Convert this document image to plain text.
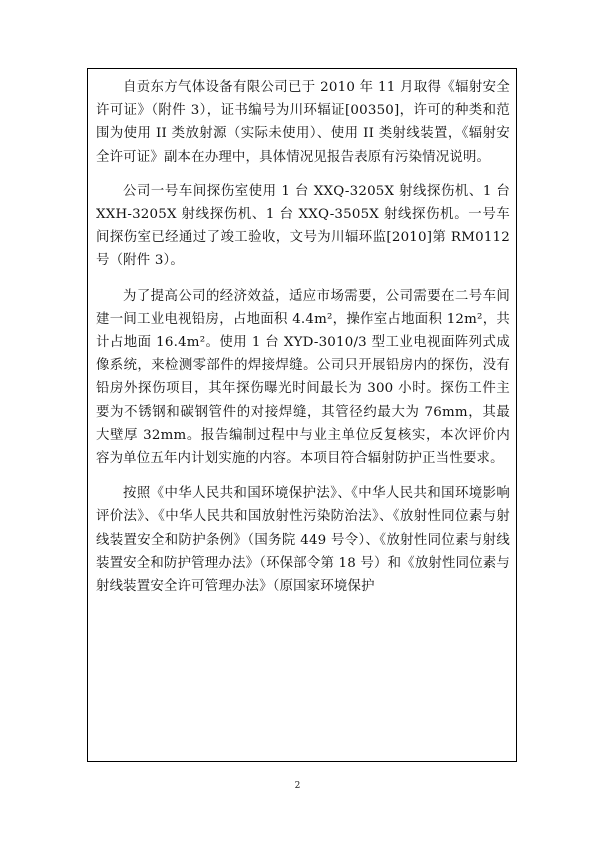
自贡东方气体设备有限公司已于 2010 年 11 月取得《辐射安全许可证》（附件 3），证书编号为川环辐证[00350]，许可的种类和范围为使用 II 类放射源（实际未使用）、使用 II 类射线装置，《辐射安全许可证》副本在办理中，具体情况见报告表原有污染情况说明。

公司一号车间探伤室使用 1 台 XXQ-3205X 射线探伤机、1 台 XXH-3205X 射线探伤机、1 台 XXQ-3505X 射线探伤机。一号车间探伤室已经通过了竣工验收，文号为川辐环监[2010]第 RM0112 号（附件 3）。

为了提高公司的经济效益，适应市场需要，公司需要在二号车间建一间工业电视铅房，占地面积 4.4m²，操作室占地面积 12m²，共计占地面 16.4m²。使用 1 台 XYD-3010/3 型工业电视面阵列式成像系统，来检测零部件的焊接焊缝。公司只开展铅房内的探伤，没有铅房外探伤项目，其年探伤曝光时间最长为 300 小时。探伤工件主要为不锈钢和碳钢管件的对接焊缝，其管径约最大为 76mm，其最大壁厚 32mm。报告编制过程中与业主单位反复核实，本次评价内容为单位五年内计划实施的内容。本项目符合辐射防护正当性要求。

按照《中华人民共和国环境保护法》、《中华人民共和国环境影响评价法》、《中华人民共和国放射性污染防治法》、《放射性同位素与射线装置安全和防护条例》（国务院 449 号令）、《放射性同位素与射线装置安全和防护管理办法》（环保部令第 18 号）和《放射性同位素与射线装置安全许可管理办法》（原国家环境保护

2
